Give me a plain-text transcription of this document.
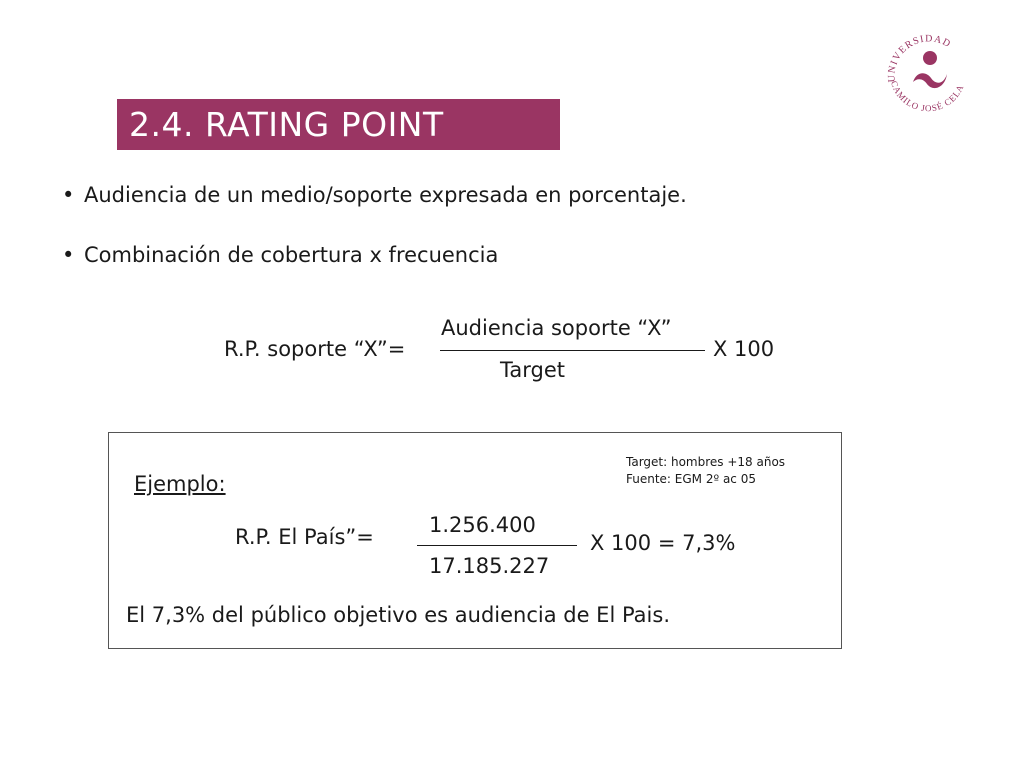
2.4. RATING POINT
UNIVERSIDAD
CAMILO JOSÉ CELA
• Audiencia de un medio/soporte expresada en porcentaje.
• Combinación de cobertura x frecuencia
R.P. soporte “X”=
Audiencia soporte “X”
Target
X 100
Ejemplo:
Target: hombres +18 años
Fuente: EGM 2º ac 05
R.P. El País”=	1.256.400
17.185.227
X 100 = 7,3%
El 7,3% del público objetivo es audiencia de El Pais.
